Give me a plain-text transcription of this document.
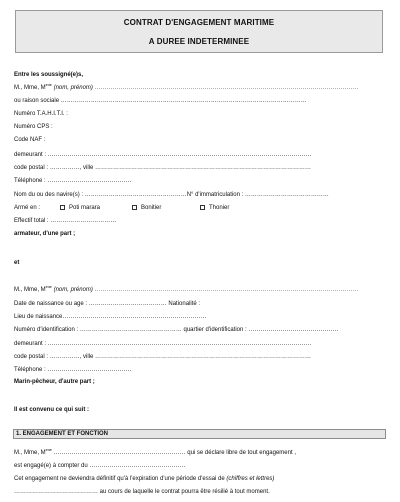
CONTRAT D'ENGAGEMENT MARITIME
A DUREE INDETERMINEE
Entre les soussigné(e)s,
M., Mme, $M^{elle}$ (nom, prénom) ……………………………………………………………………………………………………………………
ou raison sociale ……………………………………………………………………………………………………………
Numéro T.A.H.I.T.I. :
Numéro CPS :
Code NAF :
demeurant : ……………………………………………………………………………………………………………………
code postal : ……………, ville ………………………………………………………………………………………………
Téléphone : ……………………………………
Nom du ou des navire(s) : ……………………………………………N° d'immatriculation : ……………………………………
Armé en :	Poti marara	Bonitier	Thonier
Effectif total : ……………………………
armateur, d'une part ;
et
M., Mme, $M^{elle}$ (nom, prénom) ……………………………………………………………………………………………………………………
Date de naissance ou age : ………………………………… Nationalité :
Lieu de naissance………………………………………………………………
Numéro d'identification : …………………………………………… quartier d'identification : ………………………………………
demeurant : ……………………………………………………………………………………………………………………
code postal : ……………, ville ………………………………………………………………………………………………
Téléphone : ……………………………………
Marin-pêcheur, d'autre part ;
Il est convenu ce qui suit :
1. ENGAGEMENT ET FONCTION
M., Mme, $M^{elle}$ ………………………………………………………… qui se déclare libre de tout engagement ,
est engagé(e) à compter du …………………………………………
Cet engagement ne deviendra définitif qu'à l'expiration d'une période d'essai de (chiffres et lettres)
…………………………………… au cours de laquelle le contrat pourra être résilié à tout moment.
